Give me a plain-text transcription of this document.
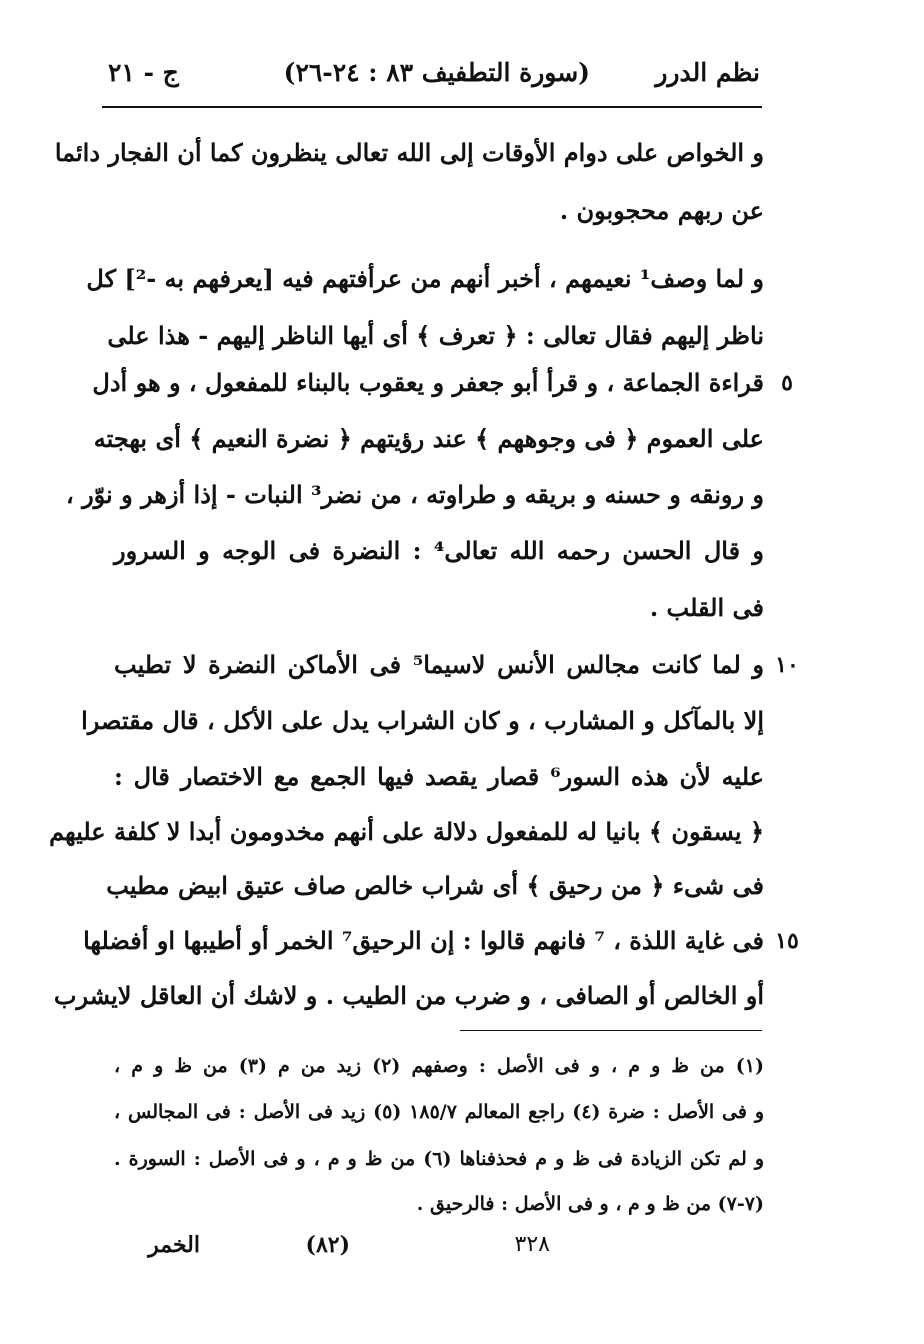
نظم الدرر
(سورة التطفيف ٨٣ : ٢٤-٢٦)
ج - ٢١
و الخواص على دوام الأوقات إلى الله تعالى ينظرون كما أن الفجار دائما
عن ربهم محجوبون .
و لما وصف¹ نعيمهم ، أخبر أنهم من عرأفتهم فيه [يعرفهم به -²] كل
ناظر إليهم فقال تعالى : ﴿ تعرف ﴾ أى أيها الناظر إليهم - هذا على
قراءة الجماعة ، و قرأ أبو جعفر و يعقوب بالبناء للمفعول ، و هو أدل ٥
على العموم ﴿ فى وجوههم ﴾ عند رؤيتهم ﴿ نضرة النعيم ﴾ أى بهجته
و رونقه و حسنه و بريقه و طراوته ، من نضر³ النبات - إذا أزهر و نوّر ،
و قال الحسن رحمه الله تعالى⁴ : النضرة فى الوجه و السرور
فى القلب .
و لما كانت مجالس الأنس لاسيما⁵ فى الأماكن النضرة لا تطيب ١٠
إلا بالمآكل و المشارب ، و كان الشراب يدل على الأكل ، قال مقتصرا
عليه لأن هذه السور⁶ قصار يقصد فيها الجمع مع الاختصار قال :
﴿ يسقون ﴾ بانيا له للمفعول دلالة على أنهم مخدومون أبدا لا كلفة عليهم
فى شىء ﴿ من رحيق ﴾ أى شراب خالص صاف عتيق ابيض مطيب
فى غاية اللذة ، ⁷ فانهم قالوا : إن الرحيق⁷ الخمر أو أطيبها او أفضلها ١٥
أو الخالص أو الصافى ، و ضرب من الطيب . و لاشك أن العاقل لايشرب
(١) من ظ و م ، و فى الأصل : وصفهم (٢) زيد من م (٣) من ظ و م ،
و فى الأصل : ضرة (٤) راجع المعالم ١٨٥/٧ (٥) زيد فى الأصل : فى المجالس ،
و لم تكن الزيادة فى ظ و م فحذفناها (٦) من ظ و م ، و فى الأصل : السورة .
(٧-٧) من ظ و م ، و فى الأصل : فالرحيق .
الخمر	(٨٢)	٣٢٨
